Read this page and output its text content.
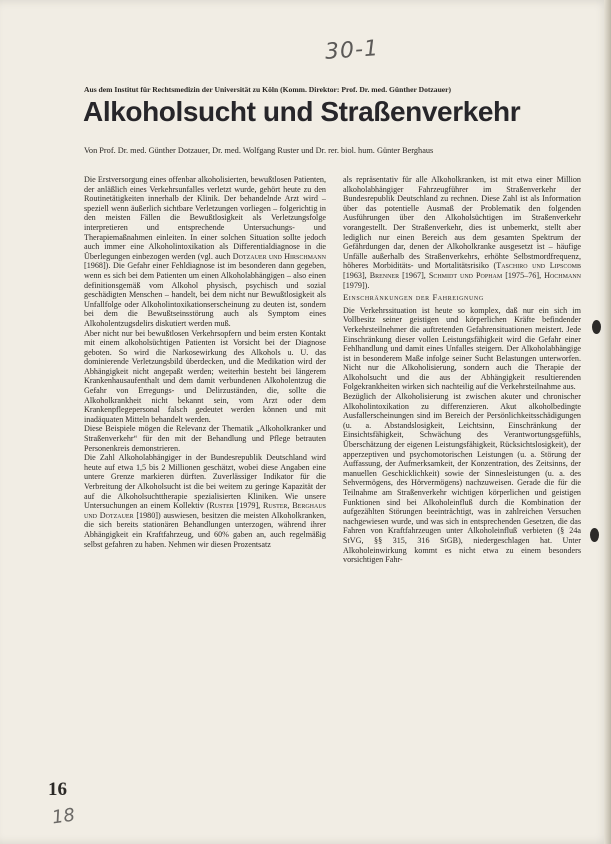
30-1
Aus dem Institut für Rechtsmedizin der Universität zu Köln (Komm. Direktor: Prof. Dr. med. Günther Dotzauer)
Alkoholsucht und Straßenverkehr
Von Prof. Dr. med. Günther Dotzauer, Dr. med. Wolfgang Ruster und Dr. rer. biol. hum. Günter Berghaus

Die Erstversorgung eines offenbar alkoholisierten, bewußtlosen Patienten, der anläßlich eines Verkehrsunfalles verletzt wurde, gehört heute zu den Routinetätigkeiten innerhalb der Klinik. Der behandelnde Arzt wird – speziell wenn äußerlich sichtbare Verletzungen vorliegen – folgerichtig in den meisten Fällen die Bewußtlosigkeit als Verletzungsfolge interpretieren und entsprechende Untersuchungs- und Therapiemaßnahmen einleiten. In einer solchen Situation sollte jedoch auch immer eine Alkoholintoxikation als Differentialdiagnose in die Überlegungen einbezogen werden (vgl. auch Dotzauer und Hirschmann [1968]). Die Gefahr einer Fehldiagnose ist im besonderen dann gegeben, wenn es sich bei dem Patienten um einen Alkoholabhängigen – also einen definitionsgemäß vom Alkohol physisch, psychisch und sozial geschädigten Menschen – handelt, bei dem nicht nur Bewußtlosigkeit als Unfallfolge oder Alkoholintoxikationserscheinung zu deuten ist, sondern bei dem die Bewußtseinsstörung auch als Symptom eines Alkoholentzugsdelirs diskutiert werden muß.

Aber nicht nur bei bewußtlosen Verkehrsopfern und beim ersten Kontakt mit einem alkoholsüchtigen Patienten ist Vorsicht bei der Diagnose geboten. So wird die Narkosewirkung des Alkohols u. U. das dominierende Verletzungsbild überdecken, und die Medikation wird der Abhängigkeit nicht angepaßt werden; weiterhin besteht bei längerem Krankenhausaufenthalt und dem damit verbundenen Alkoholentzug die Gefahr von Erregungs- und Delirzuständen, die, sollte die Alkoholkrankheit nicht bekannt sein, vom Arzt oder dem Krankenpflegepersonal falsch gedeutet werden können und mit inadäquaten Mitteln behandelt werden.

Diese Beispiele mögen die Relevanz der Thematik „Alkoholkranker und Straßenverkehr“ für den mit der Behandlung und Pflege betrauten Personenkreis demonstrieren.

Die Zahl Alkoholabhängiger in der Bundesrepublik Deutschland wird heute auf etwa 1,5 bis 2 Millionen geschätzt, wobei diese Angaben eine untere Grenze markieren dürften. Zuverlässiger Indikator für die Verbreitung der Alkoholsucht ist die bei weitem zu geringe Kapazität der auf die Alkoholsuchttherapie spezialisierten Kliniken. Wie unsere Untersuchungen an einem Kollektiv (Ruster [1979], Ruster, Berghaus und Dotzauer [1980]) auswiesen, besitzen die meisten Alkoholkranken, die sich bereits stationären Behandlungen unterzogen, während ihrer Abhängigkeit ein Kraftfahrzeug, und 60% gaben an, auch regelmäßig selbst gefahren zu haben. Nehmen wir diesen Prozentsatz

als repräsentativ für alle Alkoholkranken, ist mit etwa einer Million alkoholabhängiger Fahrzeugführer im Straßenverkehr der Bundesrepublik Deutschland zu rechnen. Diese Zahl ist als Information über das potentielle Ausmaß der Problematik den folgenden Ausführungen über den Alkoholsüchtigen im Straßenverkehr vorangestellt. Der Straßenverkehr, dies ist unbemerkt, stellt aber lediglich nur einen Bereich aus dem gesamten Spektrum der Gefährdungen dar, denen der Alkoholkranke ausgesetzt ist – häufige Unfälle außerhalb des Straßenverkehrs, erhöhte Selbstmordfrequenz, höheres Morbiditäts- und Mortalitätsrisiko (Taschiro und Lipscomb [1963], Brenner [1967], Schmidt und Popham [1975–76], Hochmann [1979]).

Einschränkungen der Fahreignung

Die Verkehrssituation ist heute so komplex, daß nur ein sich im Vollbesitz seiner geistigen und körperlichen Kräfte befindender Verkehrsteilnehmer die auftretenden Gefahrensituationen meistert. Jede Einschränkung dieser vollen Leistungsfähigkeit wird die Gefahr einer Fehlhandlung und damit eines Unfalles steigern. Der Alkoholabhängige ist in besonderem Maße infolge seiner Sucht Belastungen unterworfen. Nicht nur die Alkoholisierung, sondern auch die Therapie der Alkoholsucht und die aus der Abhängigkeit resultierenden Folgekrankheiten wirken sich nachteilig auf die Verkehrsteilnahme aus.

Bezüglich der Alkoholisierung ist zwischen akuter und chronischer Alkoholintoxikation zu differenzieren. Akut alkoholbedingte Ausfallerscheinungen sind im Bereich der Persönlichkeitsschädigungen (u. a. Abstandslosigkeit, Leichtsinn, Einschränkung der Einsichtsfähigkeit, Schwächung des Verantwortungsgefühls, Überschätzung der eigenen Leistungsfähigkeit, Rücksichtslosigkeit), der apperzeptiven und psychomotorischen Leistungen (u. a. Störung der Auffassung, der Aufmerksamkeit, der Konzentration, des Zeitsinns, der manuellen Geschicklichkeit) sowie der Sinnesleistungen (u. a. des Sehvermögens, des Hörvermögens) nachzuweisen. Gerade die für die Teilnahme am Straßenverkehr wichtigen körperlichen und geistigen Funktionen sind bei Alkoholeinfluß durch die Kombination der aufgezählten Störungen beeinträchtigt, was in zahlreichen Versuchen nachgewiesen wurde, und was sich in entsprechenden Gesetzen, die das Fahren von Kraftfahrzeugen unter Alkoholeinfluß verbieten (§ 24a StVG, §§ 315, 316 StGB), niedergeschlagen hat. Unter Alkoholeinwirkung kommt es nicht etwa zu einem besonders vorsichtigen Fahr-

16
18
